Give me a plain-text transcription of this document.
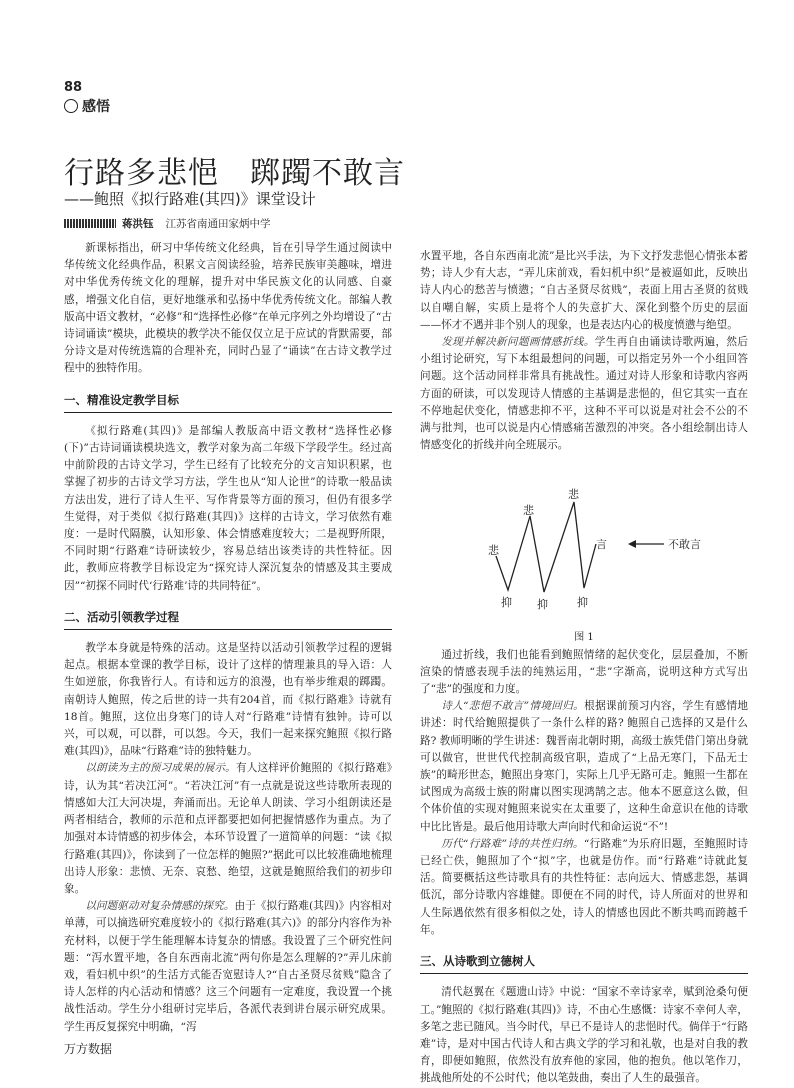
88
感悟
行路多悲悒　踯躅不敢言
——鲍照《拟行路难(其四)》课堂设计
蒋洪钰 江苏省南通田家炳中学

新课标指出，研习中华传统文化经典，旨在引导学生通过阅读中华传统文化经典作品，积累文言阅读经验，培养民族审美趣味，增进对中华优秀传统文化的理解，提升对中华民族文化的认同感、自豪感，增强文化自信，更好地继承和弘扬中华优秀传统文化。部编人教版高中语文教材，“必修”和“选择性必修”在单元序列之外均增设了“古诗词诵读”模块，此模块的教学决不能仅仅立足于应试的背默需要，部分诗文是对传统选篇的合理补充，同时凸显了“诵读”在古诗文教学过程中的独特作用。

一、精准设定教学目标

《拟行路难(其四)》是部编人教版高中语文教材“选择性必修(下)”古诗词诵读模块选文，教学对象为高二年级下学段学生。经过高中前阶段的古诗文学习，学生已经有了比较充分的文言知识积累，也掌握了初步的古诗文学习方法，学生也从“知人论世”的诗歌一般品读方法出发，进行了诗人生平、写作背景等方面的预习，但仍有很多学生觉得，对于类似《拟行路难(其四)》这样的古诗文，学习依然有难度：一是时代隔膜，认知形象、体会情感难度较大；二是视野所限，不同时期“行路难”诗研读较少，容易总结出该类诗的共性特征。因此，教师应将教学目标设定为“探究诗人深沉复杂的情感及其主要成因”“初探不同时代‘行路难’诗的共同特征”。

二、活动引领教学过程

教学本身就是特殊的活动。这是坚持以活动引领教学过程的逻辑起点。根据本堂课的教学目标，设计了这样的情理兼具的导入语：人生如逆旅，你我皆行人。有诗和远方的浪漫，也有举步维艰的踯躅。南朝诗人鲍照，传之后世的诗一共有204首，而《拟行路难》诗就有18首。鲍照，这位出身寒门的诗人对“行路难”诗情有独钟。诗可以兴，可以观，可以群，可以怨。今天，我们一起来探究鲍照《拟行路难(其四)》，品味“行路难”诗的独特魅力。

以朗读为主的预习成果的展示。有人这样评价鲍照的《拟行路难》诗，认为其“若决江河”。“若决江河”有一点就是说这些诗歌所表现的情感如大江大河决堤，奔涌而出。无论单人朗读、学习小组朗读还是两者相结合，教师的示范和点评都要把如何把握情感作为重点。为了加强对本诗情感的初步体会，本环节设置了一道简单的问题：“读《拟行路难(其四)》，你读到了一位怎样的鲍照?”据此可以比较准确地梳理出诗人形象：悲愤、无奈、哀愁、绝望，这就是鲍照给我们的初步印象。

以问题驱动对复杂情感的探究。由于《拟行路难(其四)》内容相对单薄，可以摘选研究难度较小的《拟行路难(其六)》的部分内容作为补充材料，以便于学生能理解本诗复杂的情感。我设置了三个研究性问题：“泻水置平地，各自东西南北流”两句你是怎么理解的?”弄儿床前戏，看妇机中织”的生活方式能否宽慰诗人?“自古圣贤尽贫贱”隐含了诗人怎样的内心活动和情感？这三个问题有一定难度，我设置一个挑战性活动。学生分小组研讨完毕后，各派代表到讲台展示研究成果。学生再反复探究中明确，“泻

水置平地，各自东西南北流”是比兴手法，为下文抒发悲悒心情张本蓄势；诗人少有大志，“弄儿床前戏，看妇机中织”是被逼如此，反映出诗人内心的愁苦与愤懑；“自古圣贤尽贫贱”，表面上用古圣贤的贫贱以自嘲自解，实质上是将个人的失意扩大、深化到整个历史的层面——怀才不遇并非个别人的现象，也是表达内心的极度愤懑与绝望。

发现并解决新问题画情感折线。学生再自由诵读诗歌两遍，然后小组讨论研究，写下本组最想问的问题，可以指定另外一个小组回答问题。这个活动同样非常具有挑战性。通过对诗人形象和诗歌内容两方面的研读，可以发现诗人情感的主基调是悲悒的，但它其实一直在不停地起伏变化，情感悲抑不平，这种不平可以说是对社会不公的不满与批判，也可以说是内心情感痛苦激烈的冲突。各小组绘制出诗人情感变化的折线并向全班展示。

悲
悲
悲
抑 抑	抑
言	不敢言

图 1

通过折线，我们也能看到鲍照情绪的起伏变化，层层叠加，不断渲染的情感表现手法的纯熟运用，“悲”字渐高，说明这种方式写出了“悲”的强度和力度。

诗人“悲悒不敢言”情境回归。根据课前预习内容，学生有感情地讲述：时代给鲍照提供了一条什么样的路? 鲍照自己选择的又是什么路? 教师明晰的学生讲述：魏晋南北朝时期，高级士族凭借门第出身就可以做官，世世代代控制高级官职，造成了“上品无寒门，下品无士族”的畸形世态，鲍照出身寒门，实际上几乎无路可走。鲍照一生都在试图成为高级士族的附庸以图实现鸿鹄之志。他本不愿意这么做，但个体价值的实现对鲍照来说实在太重要了，这种生命意识在他的诗歌中比比皆是。最后他用诗歌大声向时代和命运说“不”!

历代“行路难”诗的共性归纳。“行路难”为乐府旧题，至鲍照时诗已经亡佚，鲍照加了个“拟”字，也就是仿作。而“行路难”诗就此复活。简要概括这些诗歌具有的共性特征：志向远大、情感悲怨，基调低沉，部分诗歌内容雄健。即便在不同的时代，诗人所面对的世界和人生际遇依然有很多相似之处，诗人的情感也因此不断共鸣而跨越千年。

三、从诗歌到立德树人

清代赵翼在《题遗山诗》中说：“国家不幸诗家幸，赋到沧桑句便工。”鲍照的《拟行路难(其四)》诗，不由心生感慨：诗家不幸何人幸，多笔之悲已随风。当今时代，早已不是诗人的悲悒时代。倘佯于“行路难”诗，是对中国古代诗人和古典文学的学习和礼敬，也是对自我的教育，即便如鲍照，依然没有放弃他的家园，他的抱负。他以笔作刀，挑战他所处的不公时代；他以笔鼓曲，奏出了人生的最强音。

万方数据
